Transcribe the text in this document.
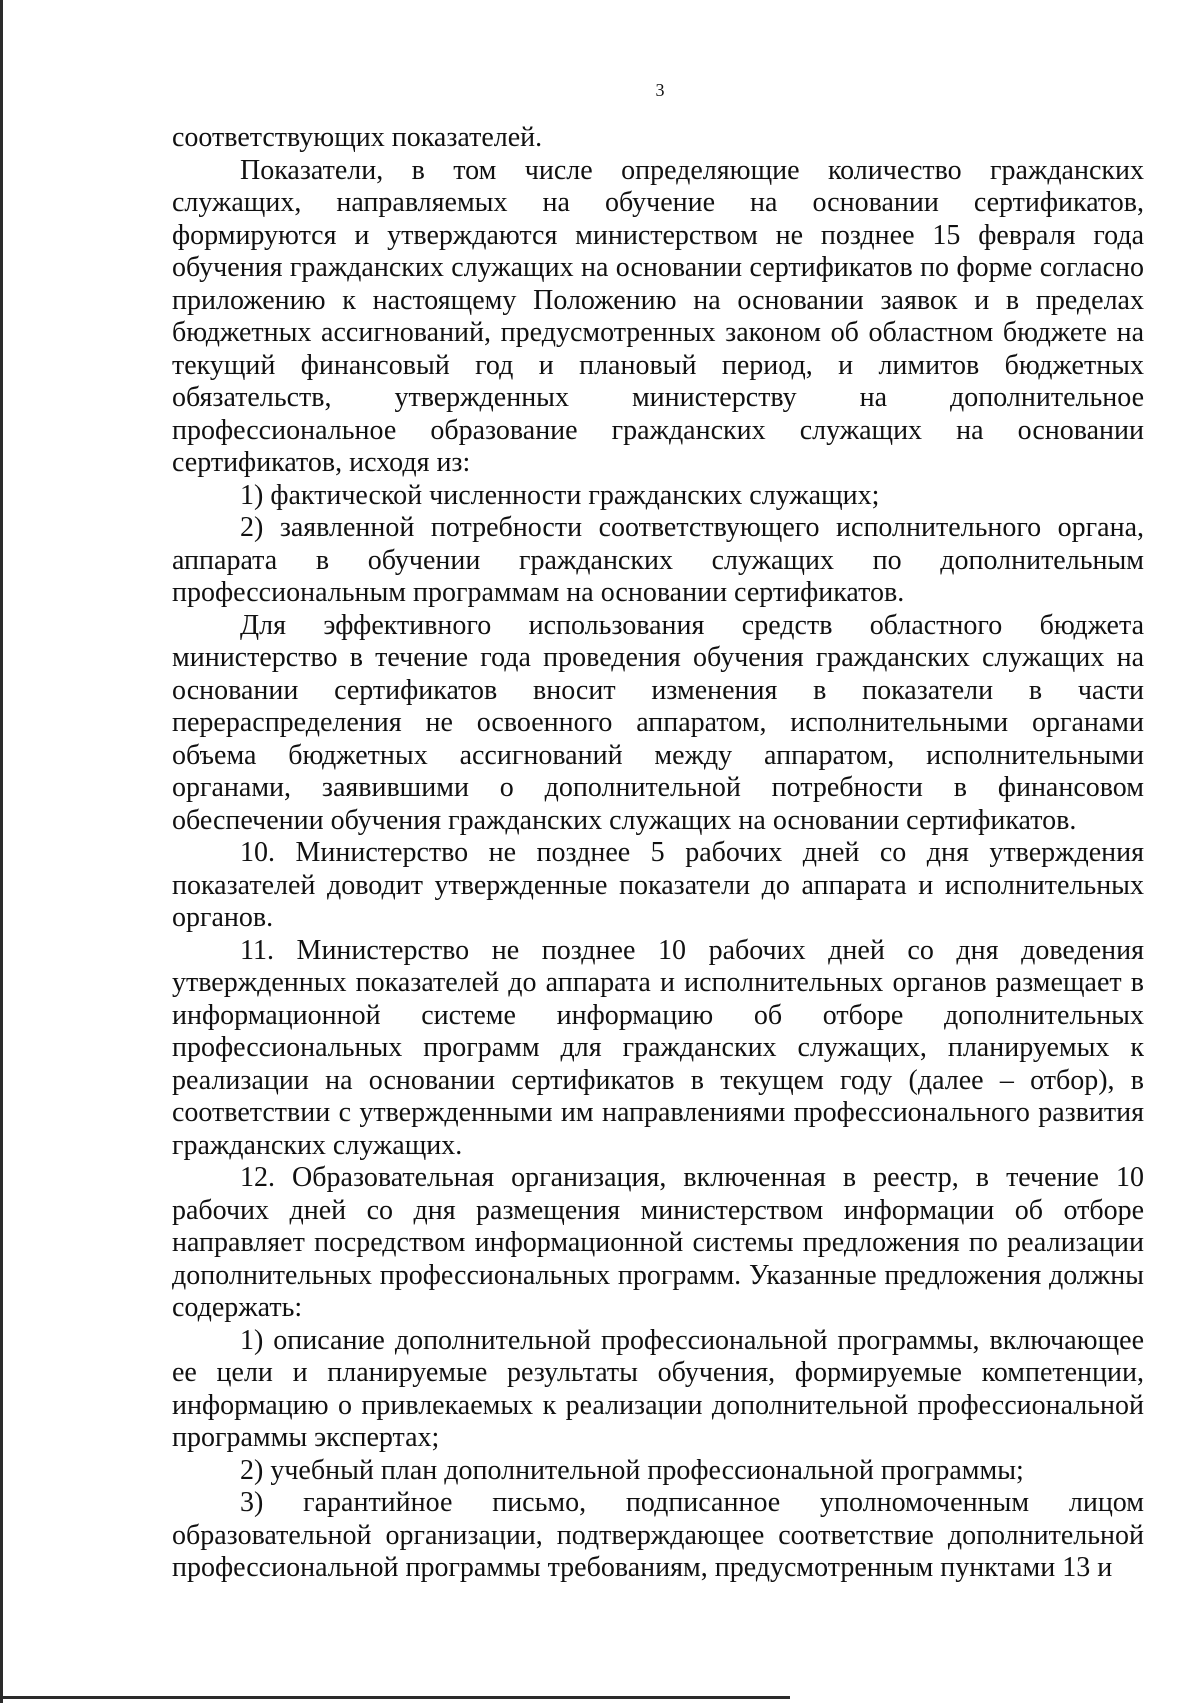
3

соответствующих показателей.

Показатели, в том числе определяющие количество гражданских служащих, направляемых на обучение на основании сертификатов, формируются и утверждаются министерством не позднее 15 февраля года обучения гражданских служащих на основании сертификатов по форме согласно приложению к настоящему Положению на основании заявок и в пределах бюджетных ассигнований, предусмотренных законом об областном бюджете на текущий финансовый год и плановый период, и лимитов бюджетных обязательств, утвержденных министерству на дополнительное профессиональное образование гражданских служащих на основании сертификатов, исходя из:

1) фактической численности гражданских служащих;

2) заявленной потребности соответствующего исполнительного органа, аппарата в обучении гражданских служащих по дополнительным профессиональным программам на основании сертификатов.

Для эффективного использования средств областного бюджета министерство в течение года проведения обучения гражданских служащих на основании сертификатов вносит изменения в показатели в части перераспределения не освоенного аппаратом, исполнительными органами объема бюджетных ассигнований между аппаратом, исполнительными органами, заявившими о дополнительной потребности в финансовом обеспечении обучения гражданских служащих на основании сертификатов.

10. Министерство не позднее 5 рабочих дней со дня утверждения показателей доводит утвержденные показатели до аппарата и исполнительных органов.

11. Министерство не позднее 10 рабочих дней со дня доведения утвержденных показателей до аппарата и исполнительных органов размещает в информационной системе информацию об отборе дополнительных профессиональных программ для гражданских служащих, планируемых к реализации на основании сертификатов в текущем году (далее – отбор), в соответствии с утвержденными им направлениями профессионального развития гражданских служащих.

12. Образовательная организация, включенная в реестр, в течение 10 рабочих дней со дня размещения министерством информации об отборе направляет посредством информационной системы предложения по реализации дополнительных профессиональных программ. Указанные предложения должны содержать:

1) описание дополнительной профессиональной программы, включающее ее цели и планируемые результаты обучения, формируемые компетенции, информацию о привлекаемых к реализации дополнительной профессиональной программы экспертах;

2) учебный план дополнительной профессиональной программы;

3) гарантийное письмо, подписанное уполномоченным лицом образовательной организации, подтверждающее соответствие дополнительной профессиональной программы требованиям, предусмотренным пунктами 13 и
